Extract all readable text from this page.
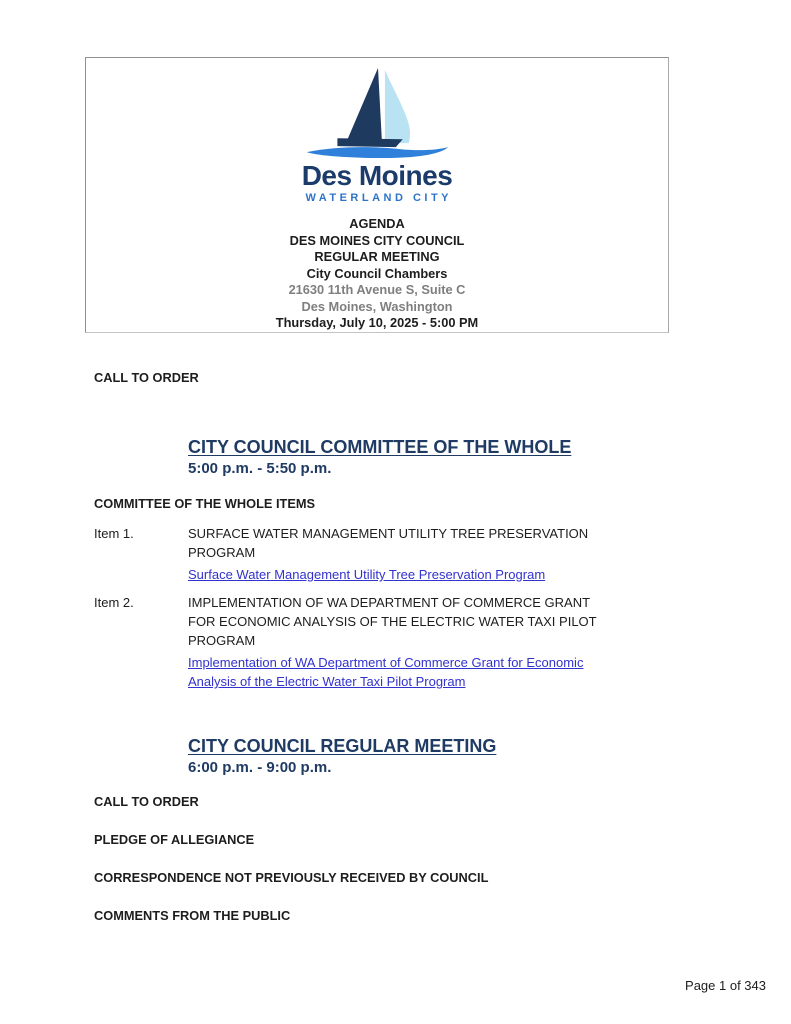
Des Moines
WATERLAND CITY
AGENDA
DES MOINES CITY COUNCIL
REGULAR MEETING
City Council Chambers
21630 11th Avenue S, Suite C
Des Moines, Washington
Thursday, July 10, 2025 - 5:00 PM
CALL TO ORDER
CITY COUNCIL COMMITTEE OF THE WHOLE
5:00 p.m. - 5:50 p.m.
COMMITTEE OF THE WHOLE ITEMS
Item 1.	SURFACE WATER MANAGEMENT UTILITY TREE PRESERVATION PROGRAM
Surface Water Management Utility Tree Preservation Program
Item 2.	IMPLEMENTATION OF WA DEPARTMENT OF COMMERCE GRANT FOR ECONOMIC ANALYSIS OF THE ELECTRIC WATER TAXI PILOT PROGRAM
Implementation of WA Department of Commerce Grant for Economic Analysis of the Electric Water Taxi Pilot Program
CITY COUNCIL REGULAR MEETING
6:00 p.m. - 9:00 p.m.
CALL TO ORDER
PLEDGE OF ALLEGIANCE
CORRESPONDENCE NOT PREVIOUSLY RECEIVED BY COUNCIL
COMMENTS FROM THE PUBLIC
Page 1 of 343
